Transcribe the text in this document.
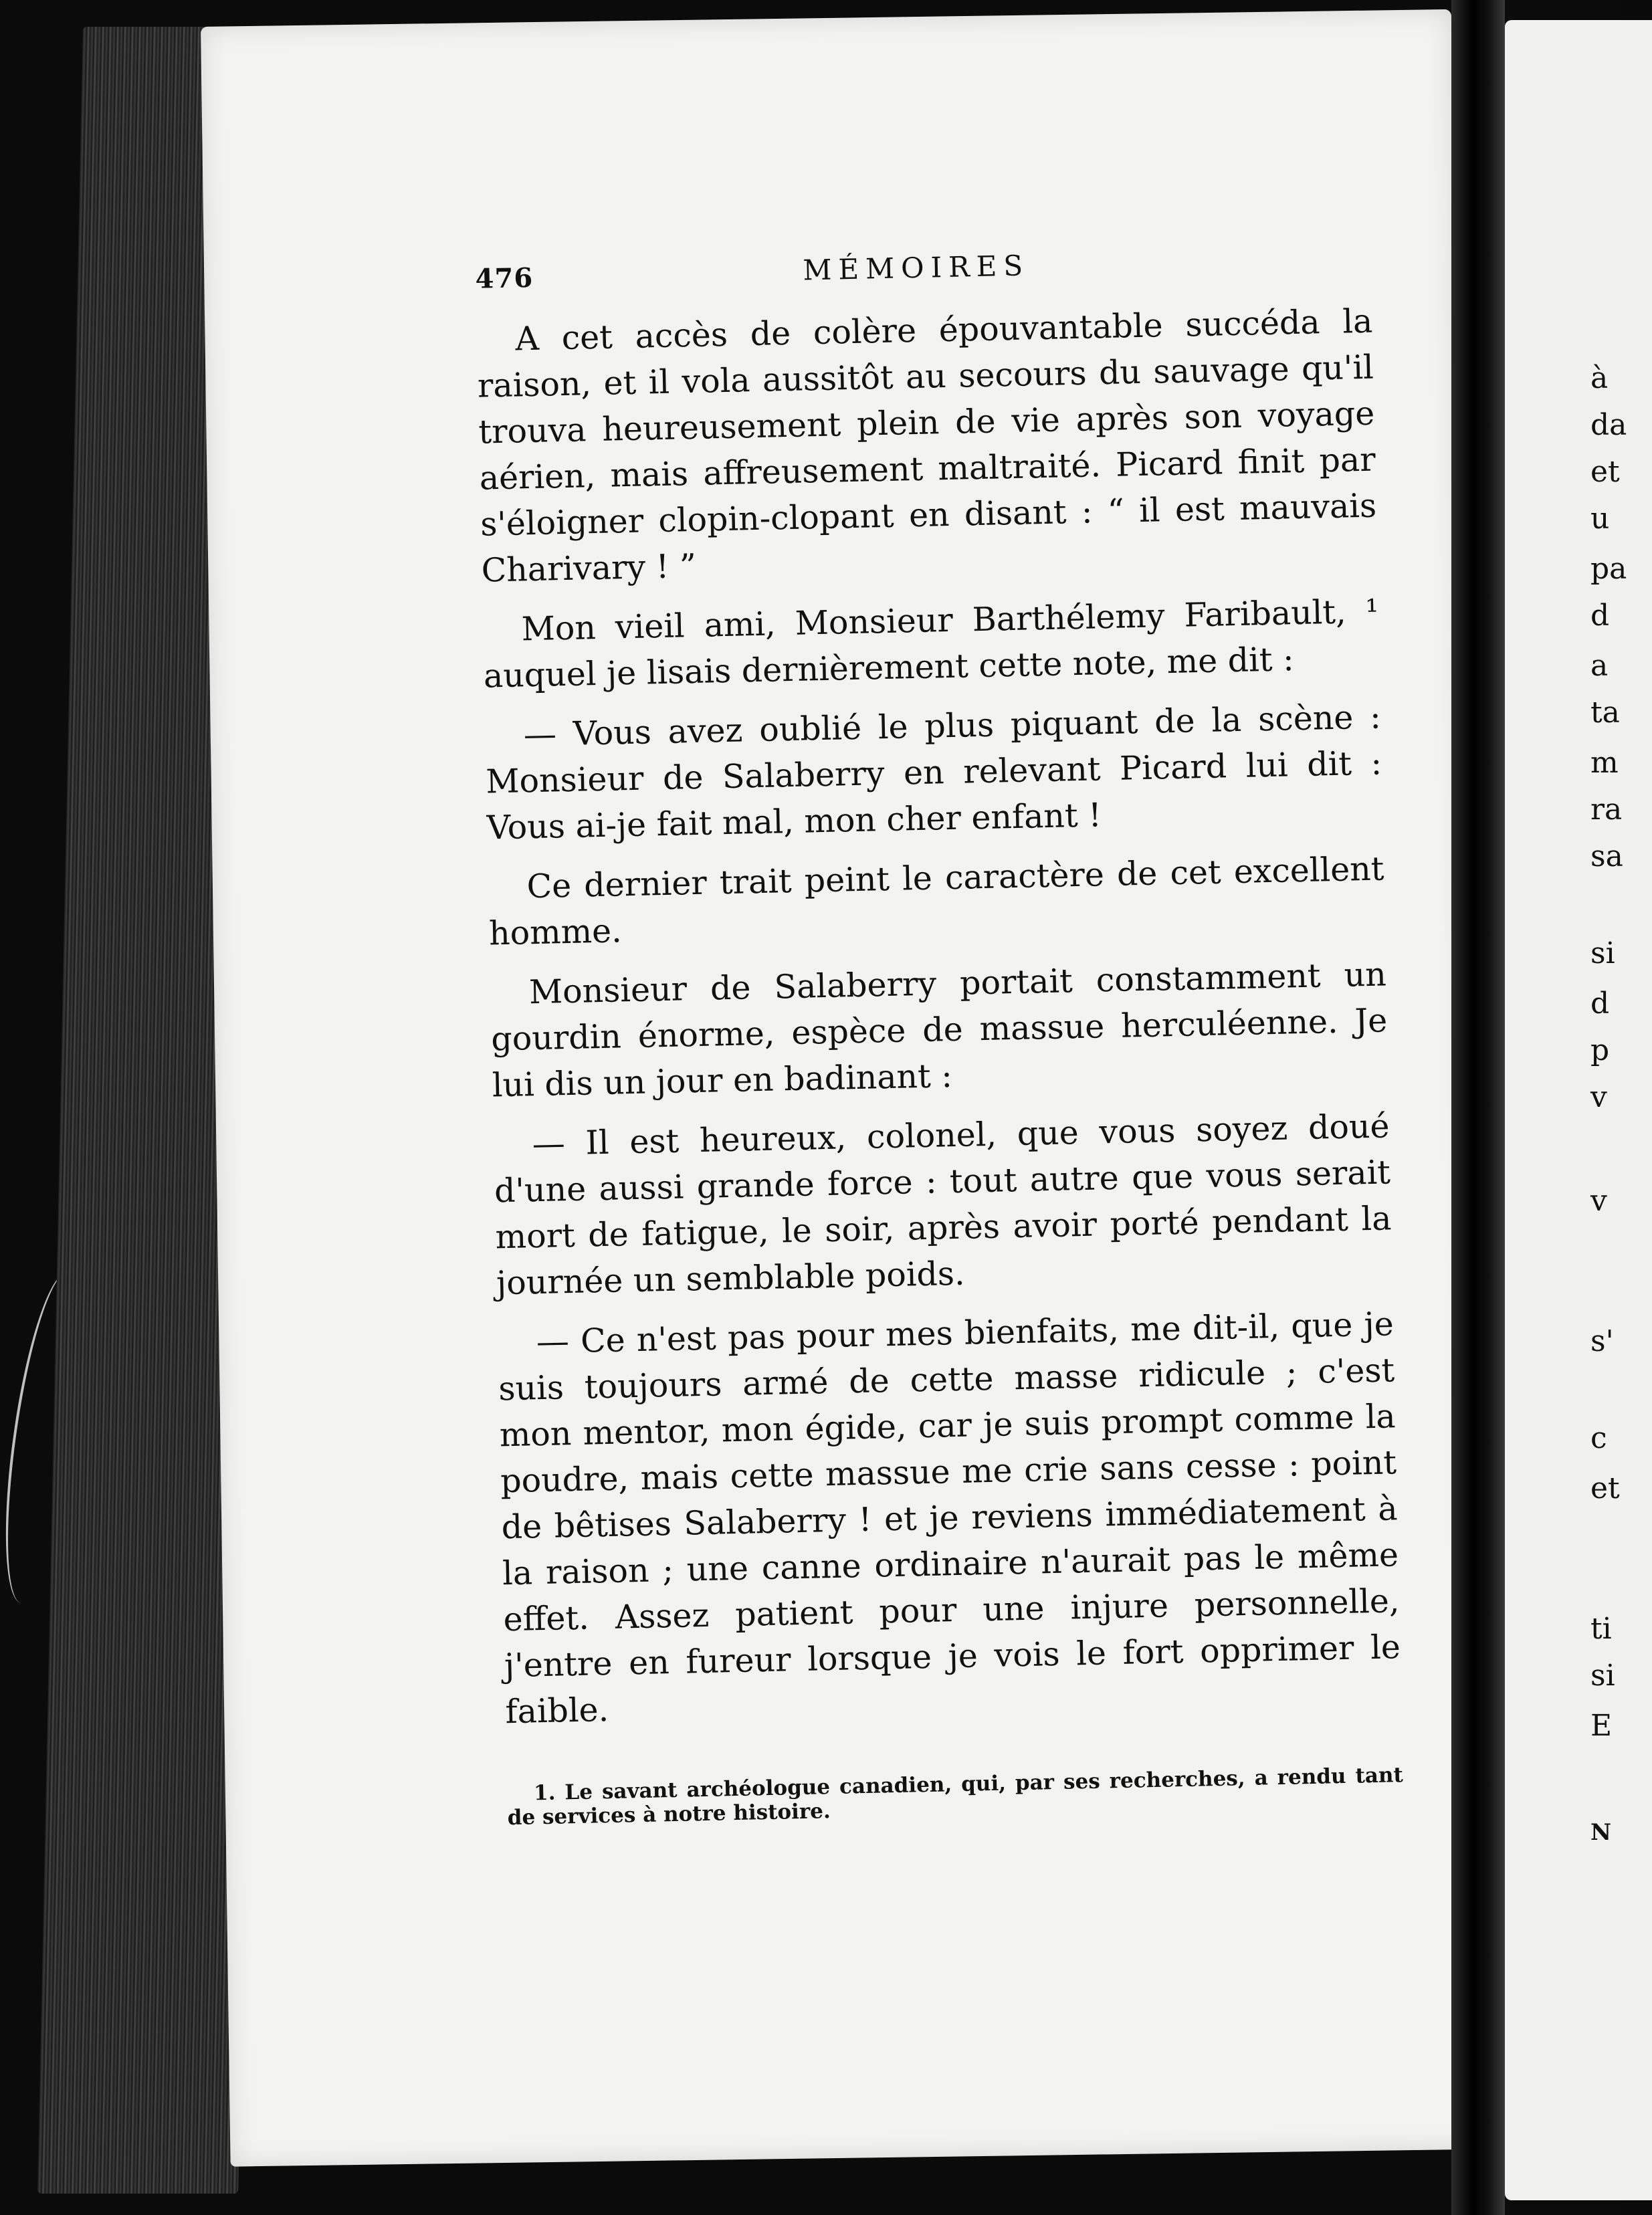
à
da
et
u
pa
d
a
ta
m
ra
sa
si
d
p
v
v
s'
c
et
ti
si
E
N
476	MÉMOIRES

A cet accès de colère épouvantable succéda la raison, et il vola aussitôt au secours du sauvage qu'il trouva heureusement plein de vie après son voyage aérien, mais affreusement maltraité. Picard finit par s'éloigner clopin-clopant en disant : “ il est mauvais Charivary ! ”

Mon vieil ami, Monsieur Barthélemy Faribault, ¹ auquel je lisais dernièrement cette note, me dit :

— Vous avez oublié le plus piquant de la scène : Monsieur de Salaberry en relevant Picard lui dit : Vous ai-je fait mal, mon cher enfant !

Ce dernier trait peint le caractère de cet excellent homme.

Monsieur de Salaberry portait constamment un gourdin énorme, espèce de massue herculéenne. Je lui dis un jour en badinant :

— Il est heureux, colonel, que vous soyez doué d'une aussi grande force : tout autre que vous serait mort de fatigue, le soir, après avoir porté pendant la journée un semblable poids.

— Ce n'est pas pour mes bienfaits, me dit-il, que je suis toujours armé de cette masse ridicule ; c'est mon mentor, mon égide, car je suis prompt comme la poudre, mais cette massue me crie sans cesse : point de bêtises Salaberry ! et je reviens immédiatement à la raison ; une canne ordinaire n'aurait pas le même effet. Assez patient pour une injure personnelle, j'entre en fureur lorsque je vois le fort opprimer le faible.

1. Le savant archéologue canadien, qui, par ses recherches, a rendu tant de services à notre histoire.
